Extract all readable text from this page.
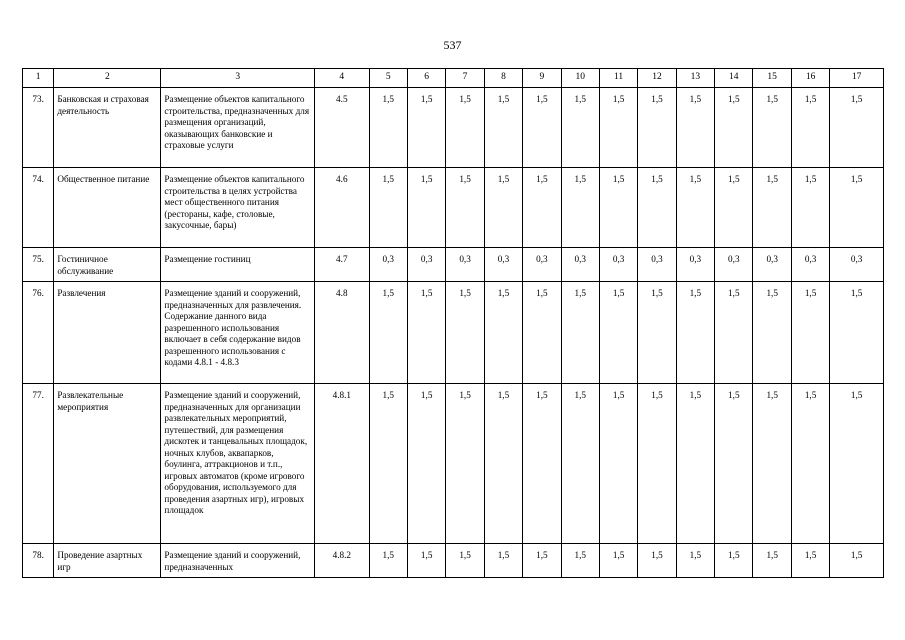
537
1	2	3	4	5	6	7	8	9	10	11	12	13	14	15	16	17
73.	Банковская и страховая деятельность	Размещение объектов капитального строительства, предназначенных для размещения организаций, оказывающих банковские и страховые услуги	4.5	1,5	1,5	1,5	1,5	1,5	1,5	1,5	1,5	1,5	1,5	1,5	1,5	1,5
74.	Общественное питание	Размещение объектов капитального строительства в целях устройства мест общественного питания (рестораны, кафе, столовые, закусочные, бары)	4.6	1,5	1,5	1,5	1,5	1,5	1,5	1,5	1,5	1,5	1,5	1,5	1,5	1,5
75.	Гостиничное обслуживание	Размещение гостиниц	4.7	0,3	0,3	0,3	0,3	0,3	0,3	0,3	0,3	0,3	0,3	0,3	0,3	0,3
76.	Развлечения	Размещение зданий и сооружений, предназначенных для развлечения. Содержание данного вида разрешенного использования включает в себя содержание видов разрешенного использования с кодами 4.8.1 - 4.8.3	4.8	1,5	1,5	1,5	1,5	1,5	1,5	1,5	1,5	1,5	1,5	1,5	1,5	1,5
77.	Развлекательные мероприятия	Размещение зданий и сооружений, предназначенных для организации развлекательных мероприятий, путешествий, для размещения дискотек и танцевальных площадок, ночных клубов, аквапарков, боулинга, аттракционов и т.п., игровых автоматов (кроме игрового оборудования, используемого для проведения азартных игр), игровых площадок	4.8.1	1,5	1,5	1,5	1,5	1,5	1,5	1,5	1,5	1,5	1,5	1,5	1,5	1,5
78.	Проведение азартных игр	Размещение зданий и сооружений, предназначенных	4.8.2	1,5	1,5	1,5	1,5	1,5	1,5	1,5	1,5	1,5	1,5	1,5	1,5	1,5
